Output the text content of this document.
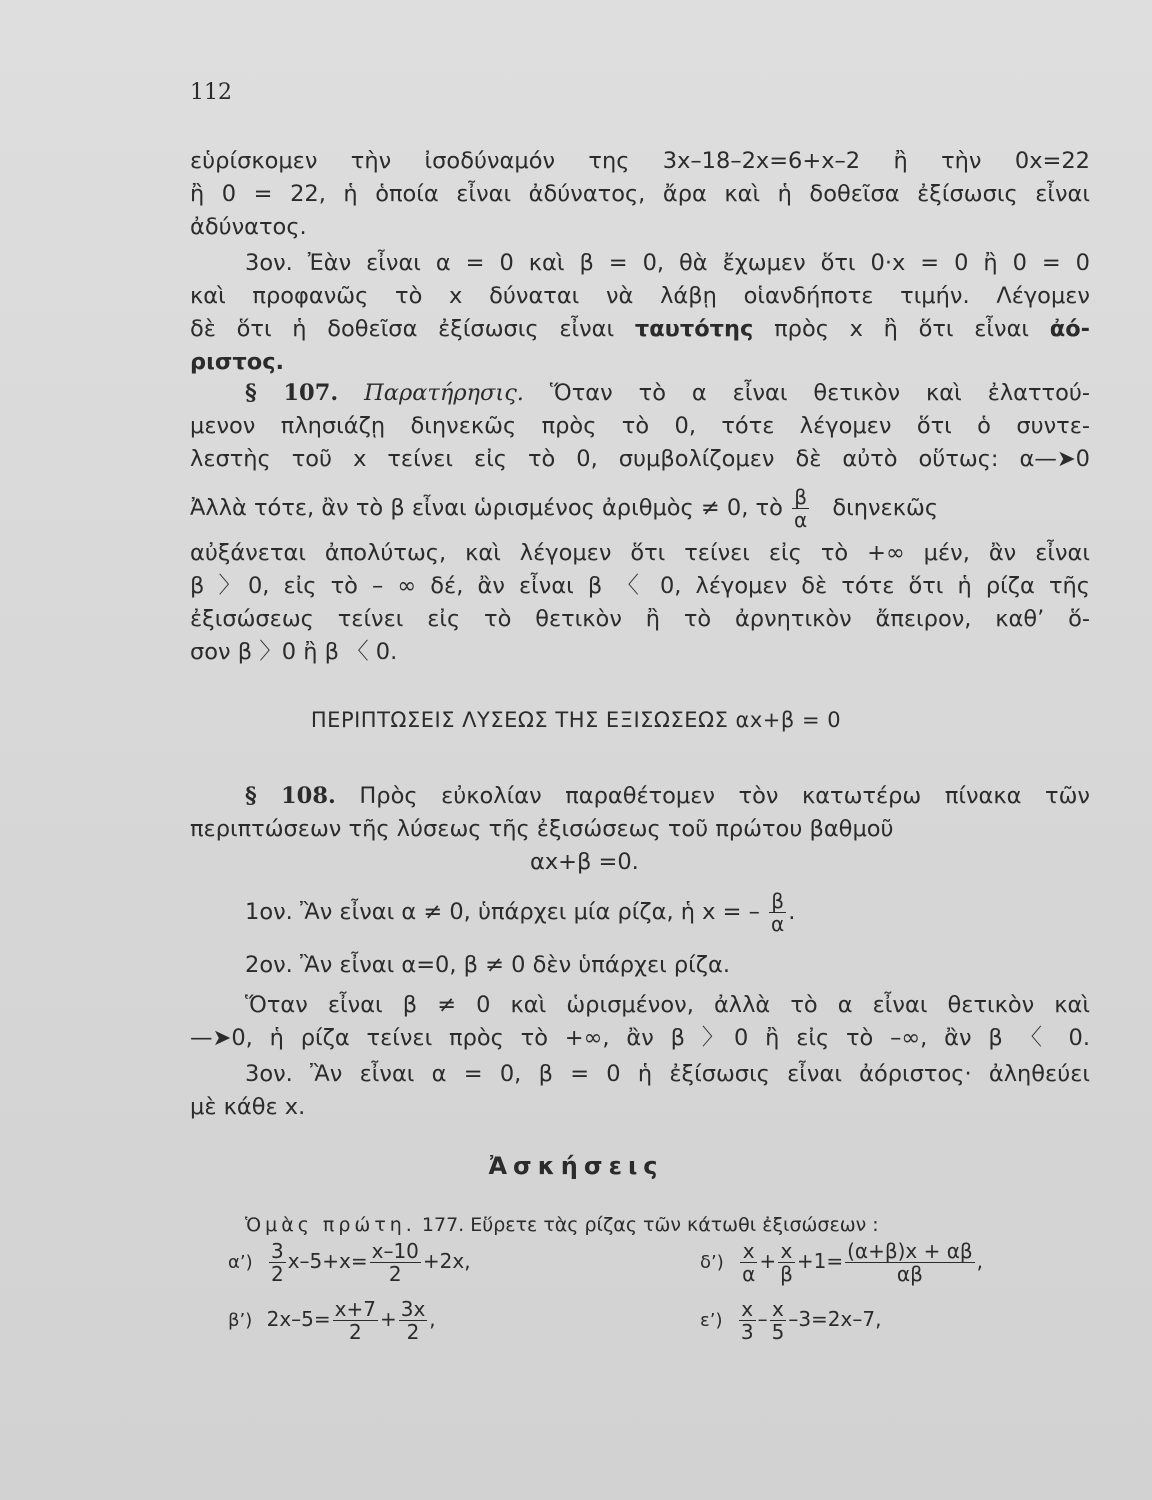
112
εὑρίσκομεν τὴν ἰσοδύναμόν της 3x–18–2x=6+x–2 ἢ τὴν 0x=22
ἢ 0 = 22, ἡ ὁποία εἶναι ἀδύνατος, ἄρα καὶ ἡ δοθεῖσα ἐξίσωσις εἶναι
ἀδύνατος.
3ον. Ἐὰν εἶναι α = 0 καὶ β = 0, θὰ ἔχωμεν ὅτι 0·x = 0 ἢ 0 = 0
καὶ προφανῶς τὸ x δύναται νὰ λάβῃ οἱανδήποτε τιμήν. Λέγομεν
δὲ ὅτι ἡ δοθεῖσα ἐξίσωσις εἶναι ταυτότης πρὸς x ἢ ὅτι εἶναι ἀό-
ριστος.
§ 107. Παρατήρησις. Ὅταν τὸ α εἶναι θετικὸν καὶ ἐλαττού-
μενον πλησιάζῃ διηνεκῶς πρὸς τὸ 0, τότε λέγομεν ὅτι ὁ συντε-
λεστὴς τοῦ x τείνει εἰς τὸ 0, συμβολίζομεν δὲ αὐτὸ οὕτως: α—➤0
Ἀλλὰ τότε, ἂν τὸ β εἶναι ὡρισμένος ἀριθμὸς ≠ 0, τὸ $\frac{\beta}{\alpha}$ διηνεκῶς
αὐξάνεται ἀπολύτως, καὶ λέγομεν ὅτι τείνει εἰς τὸ +∞ μέν, ἂν εἶναι
β 〉0, εἰς τὸ – ∞ δέ, ἂν εἶναι β 〈 0, λέγομεν δὲ τότε ὅτι ἡ ρίζα τῆς
ἐξισώσεως τείνει εἰς τὸ θετικὸν ἢ τὸ ἀρνητικὸν ἄπειρον, καθ’ ὅ-
σον β 〉0 ἢ β 〈 0.
ΠΕΡΙΠΤΩΣΕΙΣ ΛΥΣΕΩΣ ΤΗΣ ΕΞΙΣΩΣΕΩΣ αx+β = 0
§ 108. Πρὸς εὐκολίαν παραθέτομεν τὸν κατωτέρω πίνακα τῶν
περιπτώσεων τῆς λύσεως τῆς ἐξισώσεως τοῦ πρώτου βαθμοῦ
αx+β =0.
1ον. Ἂν εἶναι α ≠ 0, ὑπάρχει μία ρίζα, ἡ x = – $\frac{\beta}{\alpha}$ .
2ον. Ἂν εἶναι α=0, β ≠ 0 δὲν ὑπάρχει ρίζα.
Ὅταν εἶναι β ≠ 0 καὶ ὡρισμένον, ἀλλὰ τὸ α εἶναι θετικὸν καὶ
—➤0, ἡ ρίζα τείνει πρὸς τὸ +∞, ἂν β 〉0 ἢ εἰς τὸ –∞, ἂν β 〈 0.
3ον. Ἂν εἶναι α = 0, β = 0 ἡ ἐξίσωσις εἶναι ἀόριστος· ἀληθεύει
μὲ κάθε x.
Ἀσκήσεις
Ὁμὰς πρώτη. 177. Εὕρετε τὰς ρίζας τῶν κάτωθι ἐξισώσεων :
α’) $\frac{3}{2} x-5+x= \frac{x-10}{2} +2x$,	δ’) $\frac{x}{\alpha} + \frac{x}{\beta} +1= \frac{(\alpha+\beta)x + \alpha\beta}{\alpha\beta}$ ,
β’) $2x-5= \frac{x+7}{2} + \frac{3x}{2}$ ,	ε’) $\frac{x}{3} - \frac{x}{5} -3=2x-7$,
